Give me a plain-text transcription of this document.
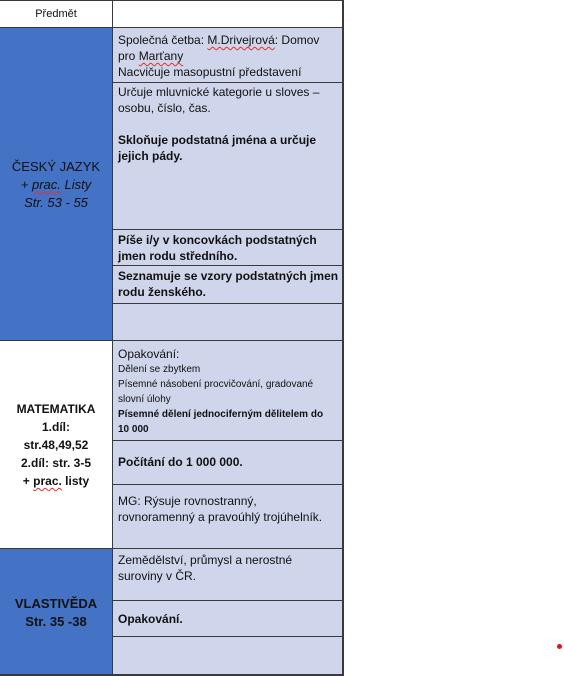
Předmět
ČESKÝ JAZYK
+ prac. Listy
Str. 53 - 55
Společná četba: M.Drivejrová: Domov
pro Marťany
Nacvičuje masopustní představení
Určuje mluvnické kategorie u sloves –
osobu, číslo, čas.
Skloňuje podstatná jména a určuje
jejich pády.
Píše i/y v koncovkách podstatných
jmen rodu středního.
Seznamuje se vzory podstatných jmen
rodu ženského.
MATEMATIKA
1.díl:
str.48,49,52
2.díl: str. 3-5
+ prac. listy
Opakování:
Dělení se zbytkem
Písemné násobení procvičování, gradované
slovní úlohy
Písemné dělení jednociferným dělitelem do
10 000
Počítání do 1 000 000.
MG: Rýsuje rovnostranný,
rovnoramenný a pravoúhlý trojúhelník.
VLASTIVĚDA
Str. 35 -38
Zemědělství, průmysl a nerostné
suroviny v ČR.
Opakování.
